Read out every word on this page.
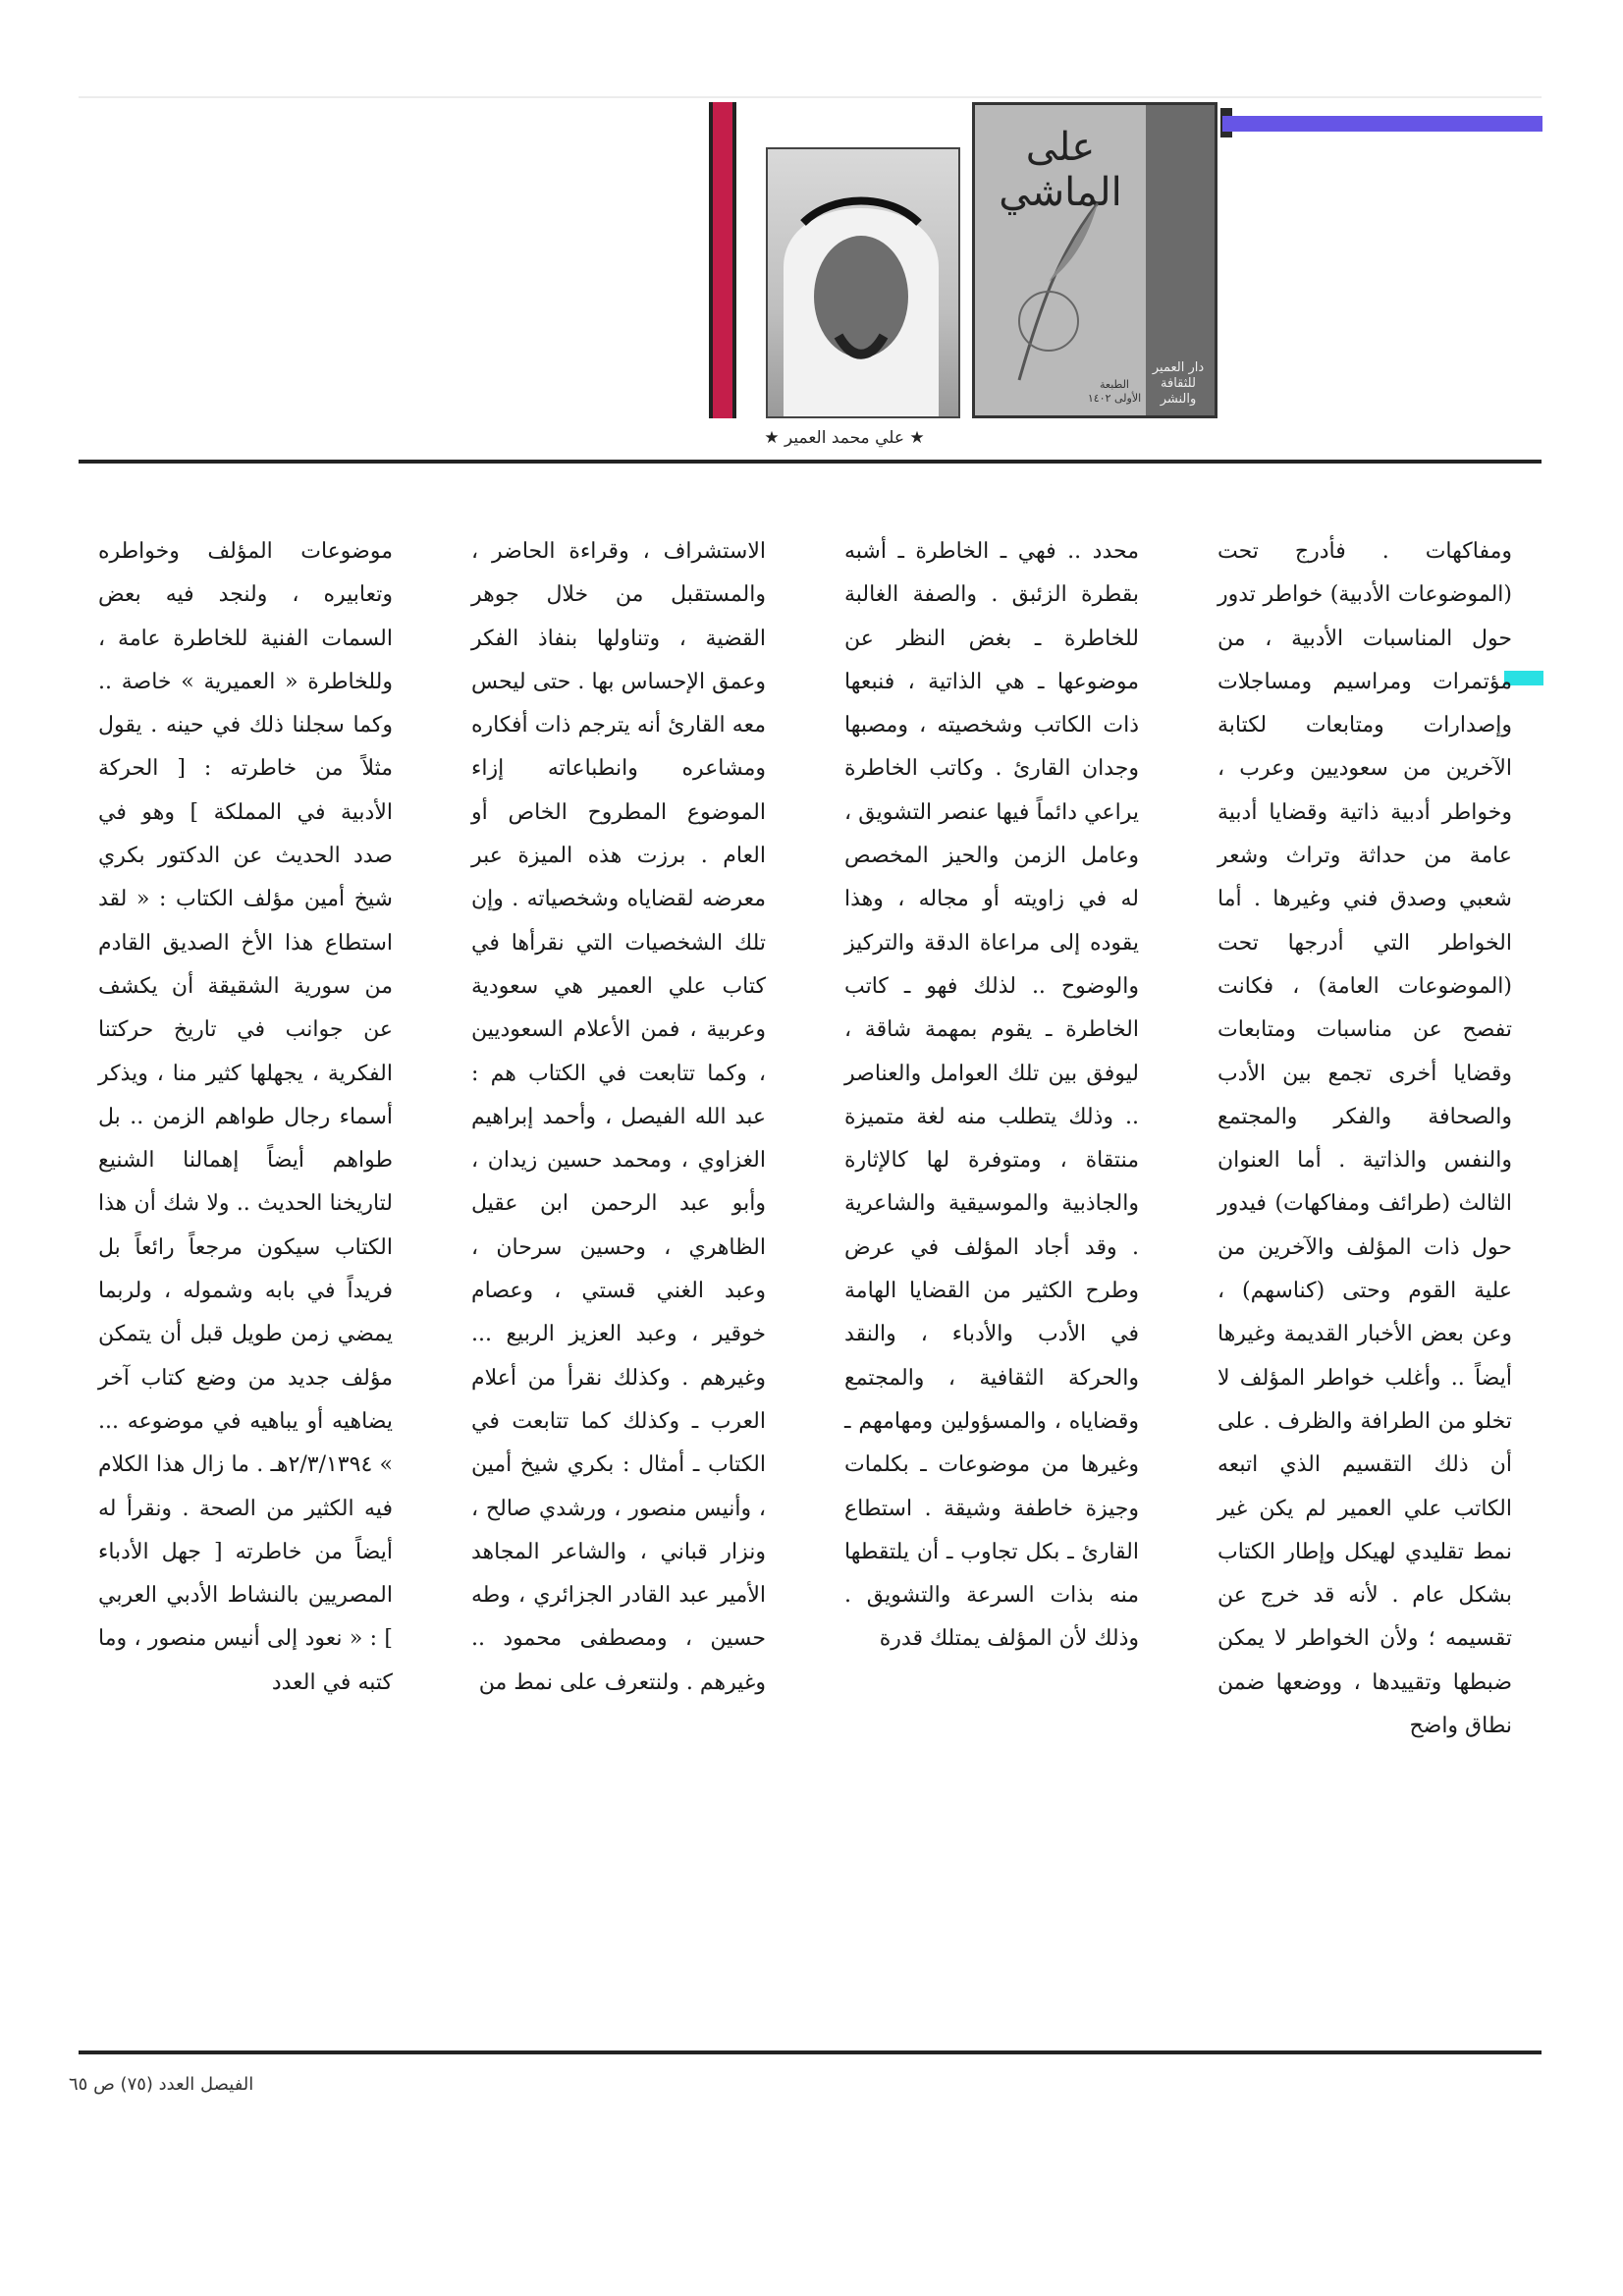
على الماشي
دار العمير للثقافة والنشر
الطبعة الأولى ١٤٠٢
★ علي محمد العمير ★

ومفاكهات . فأدرج تحت (الموضوعات الأدبية) خواطر تدور حول المناسبات الأدبية ، من مؤتمرات ومراسيم ومساجلات وإصدارات ومتابعات لكتابة الآخرين من سعوديين وعرب ، وخواطر أدبية ذاتية وقضايا أدبية عامة من حداثة وتراث وشعر شعبي وصدق فني وغيرها . أما الخواطر التي أدرجها تحت (الموضوعات العامة) ، فكانت تفصح عن مناسبات ومتابعات وقضايا أخرى تجمع بين الأدب والصحافة والفكر والمجتمع والنفس والذاتية . أما العنوان الثالث (طرائف ومفاكهات) فيدور حول ذات المؤلف والآخرين من علية القوم وحتى (كناسهم) ، وعن بعض الأخبار القديمة وغيرها أيضاً .. وأغلب خواطر المؤلف لا تخلو من الطرافة والظرف . على أن ذلك التقسيم الذي اتبعه الكاتب علي العمير لم يكن غير نمط تقليدي لهيكل وإطار الكتاب بشكل عام . لأنه قد خرج عن تقسيمه ؛ ولأن الخواطر لا يمكن ضبطها وتقييدها ، ووضعها ضمن نطاق واضح

محدد .. فهي ـ الخاطرة ـ أشبه بقطرة الزئبق . والصفة الغالبة للخاطرة ـ بغض النظر عن موضوعها ـ هي الذاتية ، فنبعها ذات الكاتب وشخصيته ، ومصبها وجدان القارئ . وكاتب الخاطرة يراعي دائماً فيها عنصر التشويق ، وعامل الزمن والحيز المخصص له في زاويته أو مجاله ، وهذا يقوده إلى مراعاة الدقة والتركيز والوضوح .. لذلك فهو ـ كاتب الخاطرة ـ يقوم بمهمة شاقة ، ليوفق بين تلك العوامل والعناصر .. وذلك يتطلب منه لغة متميزة منتقاة ، ومتوفرة لها كالإثارة والجاذبية والموسيقية والشاعرية . وقد أجاد المؤلف في عرض وطرح الكثير من القضايا الهامة في الأدب والأدباء ، والنقد والحركة الثقافية ، والمجتمع وقضاياه ، والمسؤولين ومهامهم ـ وغيرها من موضوعات ـ بكلمات وجيزة خاطفة وشيقة . استطاع القارئ ـ بكل تجاوب ـ أن يلتقطها منه بذات السرعة والتشويق . وذلك لأن المؤلف يمتلك قدرة

الاستشراف ، وقراءة الحاضر ، والمستقبل من خلال جوهر القضية ، وتناولها بنفاذ الفكر وعمق الإحساس بها . حتى ليحس معه القارئ أنه يترجم ذات أفكاره ومشاعره وانطباعاته إزاء الموضوع المطروح الخاص أو العام . برزت هذه الميزة عبر معرضه لقضاياه وشخصياته . وإن تلك الشخصيات التي نقرأها في كتاب علي العمير هي سعودية وعربية ، فمن الأعلام السعوديين ، وكما تتابعت في الكتاب هم : عبد الله الفيصل ، وأحمد إبراهيم الغزاوي ، ومحمد حسين زيدان ، وأبو عبد الرحمن ابن عقيل الظاهري ، وحسين سرحان ، وعبد الغني قستي ، وعصام خوقير ، وعبد العزيز الربيع ... وغيرهم . وكذلك نقرأ من أعلام العرب ـ وكذلك كما تتابعت في الكتاب ـ أمثال : بكري شيخ أمين ، وأنيس منصور ، ورشدي صالح ، ونزار قباني ، والشاعر المجاهد الأمير عبد القادر الجزائري ، وطه حسين ، ومصطفى محمود .. وغيرهم . ولنتعرف على نمط من

موضوعات المؤلف وخواطره وتعابيره ، ولنجد فيه بعض السمات الفنية للخاطرة عامة ، وللخاطرة « العميرية » خاصة .. وكما سجلنا ذلك في حينه . يقول مثلاً من خاطرته : [ الحركة الأدبية في المملكة ] وهو في صدد الحديث عن الدكتور بكري شيخ أمين مؤلف الكتاب : « لقد استطاع هذا الأخ الصديق القادم من سورية الشقيقة أن يكشف عن جوانب في تاريخ حركتنا الفكرية ، يجهلها كثير منا ، ويذكر أسماء رجال طواهم الزمن .. بل طواهم أيضاً إهمالنا الشنيع لتاريخنا الحديث .. ولا شك أن هذا الكتاب سيكون مرجعاً رائعاً بل فريداً في بابه وشموله ، ولربما يمضي زمن طويل قبل أن يتمكن مؤلف جديد من وضع كتاب آخر يضاهيه أو يباهيه في موضوعه ... » ٢/٣/١٣٩٤هـ . ما زال هذا الكلام فيه الكثير من الصحة . ونقرأ له أيضاً من خاطرته [ جهل الأدباء المصريين بالنشاط الأدبي العربي ] : « نعود إلى أنيس منصور ، وما كتبه في العدد

الفيصل العدد (٧٥) ص ٦٥
